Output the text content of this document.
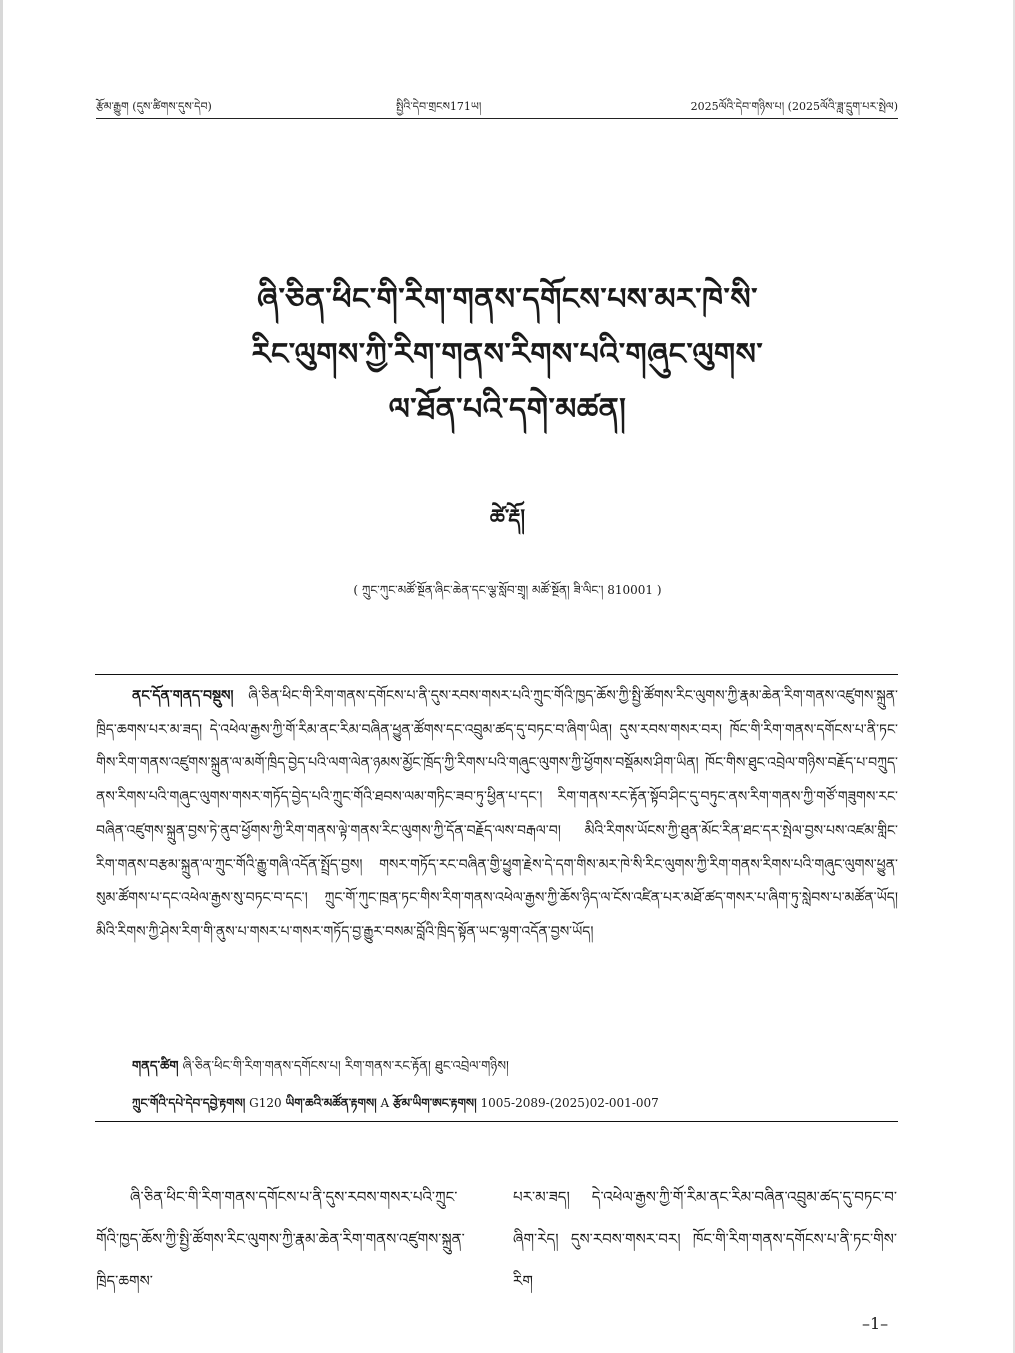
རྩོམ་རྒྱུག (དུས་ཚིགས་དུས་དེབ)	སྤྱིའི་དེབ་གྲངས171ཡ།	2025ལོའི་དེབ་གཉིས་པ། (2025ལོའི་ཟླ་དྲུག་པར་སྤེལ)
ཞི་ཅིན་ཕིང་གི་རིག་གནས་དགོངས་པས་མར་ཁེ་སི་
རིང་ལུགས་ཀྱི་རིག་གནས་རིགས་པའི་གཞུང་ལུགས་
ལ་ཐོན་པའི་དགེ་མཚན།
ཚེ་རྡོ།
( ཀྲུང་ཀུང་མཚོ་སྔོན་ཞིང་ཆེན་དང་ལྕ་སློབ་གྲྭ། མཚོ་སྔོན། ཟི་ལིང་། 810001 )
ནང་དོན་གནད་བསྡུས། ཞི་ཅིན་ཕིང་གི་རིག་གནས་དགོངས་པ་ནི་དུས་རབས་གསར་པའི་ཀྲུང་གོའི་ཁྱད་ཆོས་ཀྱི་སྤྱི་ཚོགས་རིང་ལུགས་ཀྱི་རྣམ་ཆེན་རིག་གནས་འཛུགས་སྐྲུན་ཁྲིད་ཆགས་པར་མ་ཟད། དེ་འཕེལ་རྒྱས་ཀྱི་གོ་རིམ་ནང་རིམ་བཞིན་ཕྱུན་ཚོགས་དང་འབྲུམ་ཚད་དུ་བཏང་བ་ཞིག་ཡིན། དུས་རབས་གསར་བར། ཁོང་གི་རིག་གནས་དགོངས་པ་ནི་ཏང་གིས་རིག་གནས་འཛུགས་སྐྲུན་ལ་མགོ་ཁྲིད་བྱེད་པའི་ལག་ལེན་ཉམས་མྱོང་ཁྲོད་ཀྱི་རིགས་པའི་གཞུང་ལུགས་ཀྱི་ཕྱོགས་བསྡོམས་ཤིག་ཡིན། ཁོང་གིས་ཐུང་འབྲེལ་གཉིས་བརྗོད་པ་བཀྲུད་ནས་རིགས་པའི་གཞུང་ལུགས་གསར་གཏོད་བྱེད་པའི་ཀྲུང་གོའི་ཐབས་ལམ་གཏིང་ཟབ་ཏུ་ཕྱིན་པ་དང་། རིག་གནས་རང་རྟོན་སྟོབ་ཤིང་དུ་བཏུང་ནས་རིག་གནས་ཀྱི་གཙོ་གཟུགས་རང་བཞིན་འཛུགས་སྐྲུན་བྱས་ཏེ་ནུབ་ཕྱོགས་ཀྱི་རིག་གནས་ལྟེ་གནས་རིང་ལུགས་ཀྱི་དོན་བརྗོད་ལས་བརྒལ་བ། མིའི་རིགས་ཡོངས་ཀྱི་ཐུན་མོང་རིན་ཐང་དར་སྤེལ་བྱས་པས་འཛམ་གླིང་རིག་གནས་བརྩམ་སྐྲུན་ལ་ཀྲུང་གོའི་རྒྱུ་གཞི་འདོན་སྤྲོད་བྱས། གསར་གཏོད་རང་བཞིན་གྱི་ཕྱུག་རྗེས་དེ་དག་གིས་མར་ཁེ་སི་རིང་ལུགས་ཀྱི་རིག་གནས་རིགས་པའི་གཞུང་ལུགས་ཕྱུན་སུམ་ཚོགས་པ་དང་འཕེལ་རྒྱས་སུ་བཏང་བ་དང་། ཀྲུང་གོ་ཀུང་ཁྲན་ཏང་གིས་རིག་གནས་འཕེལ་རྒྱས་ཀྱི་ཆོས་ཉིད་ལ་ངོས་འཛིན་པར་མཐོ་ཚད་གསར་པ་ཞིག་ཏུ་སླེབས་པ་མཚོན་ཡོད། མིའི་རིགས་ཀྱི་ཤེས་རིག་གི་ནུས་པ་གསར་པ་གསར་གཏོད་བྱ་རྒྱུར་བསམ་བློའི་ཁྲིད་སྟོན་ཡང་ལྷག་འདོན་བྱས་ཡོད།
གནད་ཚིག ཞི་ཅིན་ཕིང་གི་རིག་གནས་དགོངས་པ། རིག་གནས་རང་རྟོན། ཐུང་འབྲེལ་གཉིས།
ཀྲུང་གོའི་དཔེ་དེབ་དབྱེ་རྟགས། G120 ཡིག་ཆའི་མཚོན་རྟགས། A རྩོམ་ཡིག་ཨང་རྟགས། 1005-2089-(2025)02-001-007
ཞི་ཅིན་ཕིང་གི་རིག་གནས་དགོངས་པ་ནི་དུས་རབས་གསར་པའི་ཀྲུང་གོའི་ཁྱད་ཆོས་ཀྱི་སྤྱི་ཚོགས་རིང་ལུགས་ཀྱི་རྣམ་ཆེན་རིག་གནས་འཛུགས་སྐྲུན་ཁྲིད་ཆགས་
པར་མ་ཟད། དེ་འཕེལ་རྒྱས་ཀྱི་གོ་རིམ་ནང་རིམ་བཞིན་འབྲུམ་ཚད་དུ་བཏང་བ་ཞིག་རེད། དུས་རབས་གསར་བར། ཁོང་གི་རིག་གནས་དགོངས་པ་ནི་ཏང་གིས་རིག
–1–
